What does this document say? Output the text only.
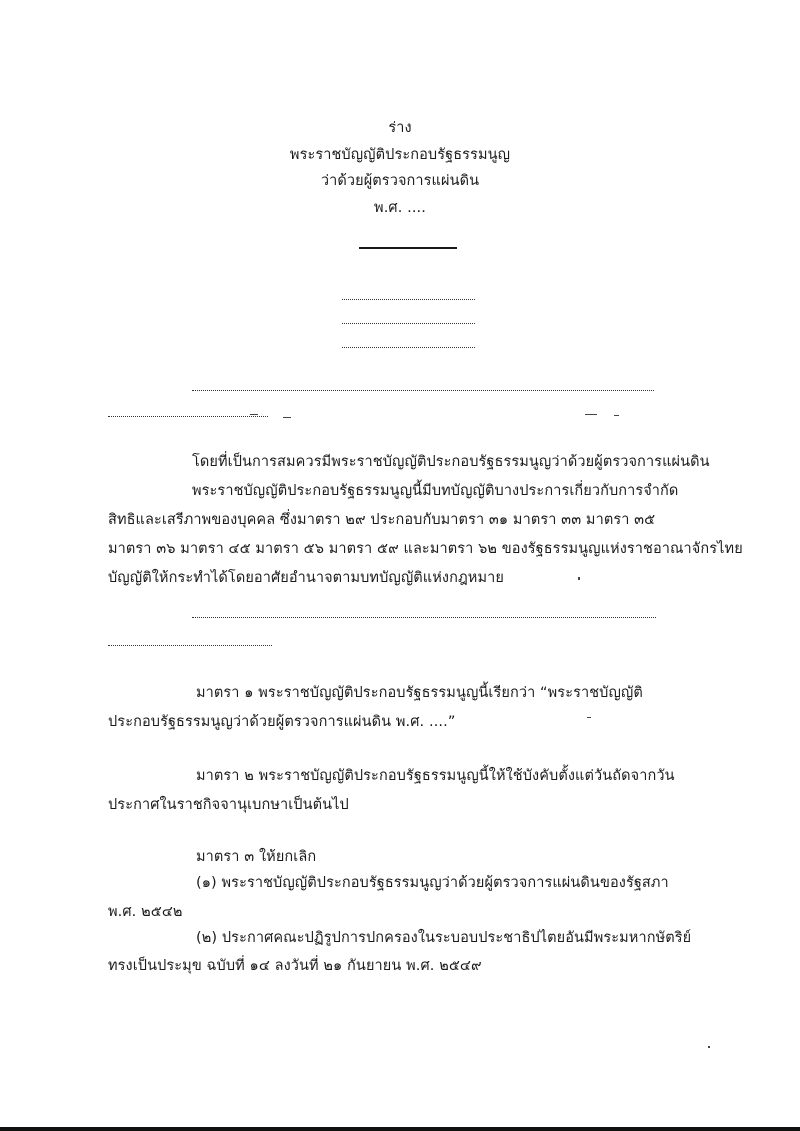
ร่าง
พระราชบัญญัติประกอบรัฐธรรมนูญ
ว่าด้วยผู้ตรวจการแผ่นดิน
พ.ศ. ....
โดยที่เป็นการสมควรมีพระราชบัญญัติประกอบรัฐธรรมนูญว่าด้วยผู้ตรวจการแผ่นดิน
พระราชบัญญัติประกอบรัฐธรรมนูญนี้มีบทบัญญัติบางประการเกี่ยวกับการจำกัด
สิทธิและเสรีภาพของบุคคล ซึ่งมาตรา ๒๙ ประกอบกับมาตรา ๓๑ มาตรา ๓๓ มาตรา ๓๕
มาตรา ๓๖ มาตรา ๔๕ มาตรา ๕๖ มาตรา ๕๙ และมาตรา ๖๒ ของรัฐธรรมนูญแห่งราชอาณาจักรไทย
บัญญัติให้กระทำได้โดยอาศัยอำนาจตามบทบัญญัติแห่งกฎหมาย
มาตรา ๑ พระราชบัญญัติประกอบรัฐธรรมนูญนี้เรียกว่า “พระราชบัญญัติ
ประกอบรัฐธรรมนูญว่าด้วยผู้ตรวจการแผ่นดิน พ.ศ. ....”
มาตรา ๒ พระราชบัญญัติประกอบรัฐธรรมนูญนี้ให้ใช้บังคับตั้งแต่วันถัดจากวัน
ประกาศในราชกิจจานุเบกษาเป็นต้นไป
มาตรา ๓ ให้ยกเลิก
(๑) พระราชบัญญัติประกอบรัฐธรรมนูญว่าด้วยผู้ตรวจการแผ่นดินของรัฐสภา
พ.ศ. ๒๕๔๒
(๒) ประกาศคณะปฏิรูปการปกครองในระบอบประชาธิปไตยอันมีพระมหากษัตริย์
ทรงเป็นประมุข ฉบับที่ ๑๔ ลงวันที่ ๒๑ กันยายน พ.ศ. ๒๕๔๙
